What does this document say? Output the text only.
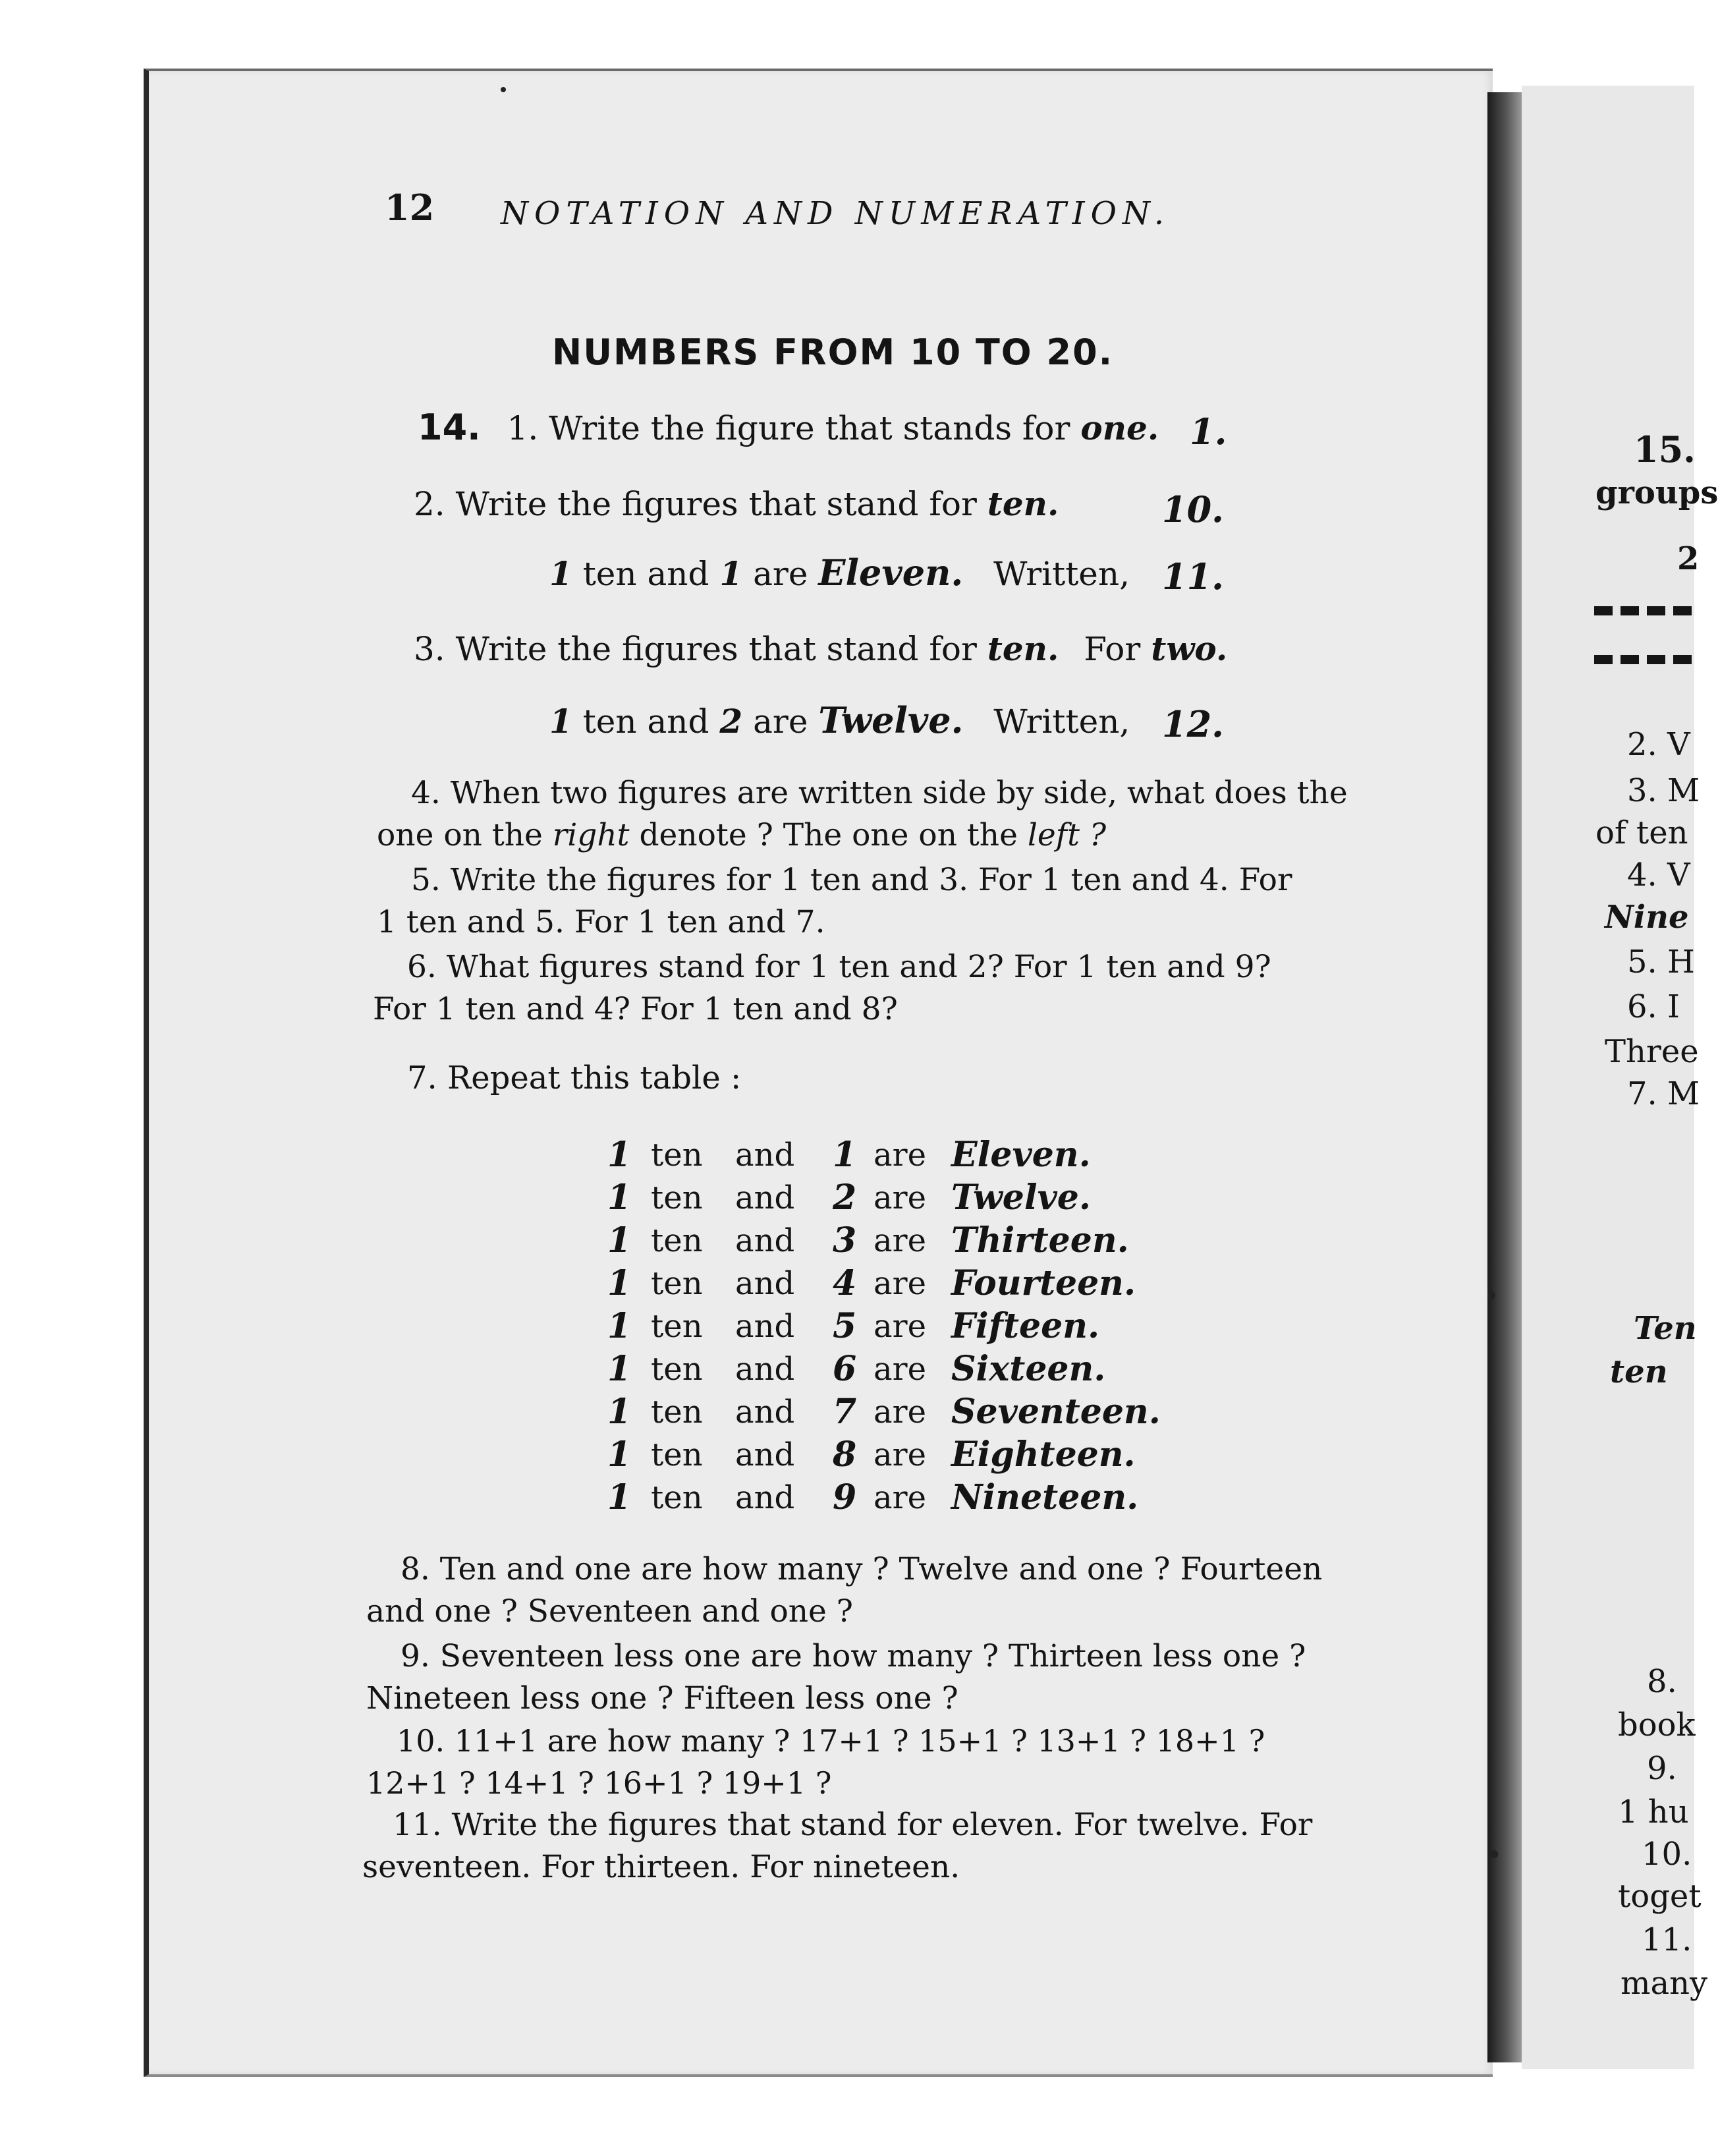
15.
groups
2
2. V
3. M
of ten
4. V
Nine
5. H
6. I
Three
7. M
Ten
ten
8.
book
9.
1 hu
10.
toget
11.
many
12 NOTATION AND NUMERATION.
NUMBERS FROM 10 TO 20.
14. 1. Write the figure that stands for one. 1.
2. Write the figures that stand for ten.	10.
1 ten and 1 are Eleven. Written, 11.
3. Write the figures that stand for ten. For two.
1 ten and 2 are Twelve. Written, 12.
4. When two figures are written side by side, what does the
one on the right denote ? The one on the left ?
5. Write the figures for 1 ten and 3. For 1 ten and 4. For
1 ten and 5. For 1 ten and 7.
6. What figures stand for 1 ten and 2? For 1 ten and 9?
For 1 ten and 4? For 1 ten and 8?
7. Repeat this table :
1 ten	and	1 are Eleven.
1 ten	and	2 are Twelve.
1 ten	and	3 are Thirteen.
1 ten	and	4 are Fourteen.
1 ten	and	5 are Fifteen.
1 ten	and	6 are Sixteen.
1 ten	and	7 are Seventeen.
1 ten	and	8 are Eighteen.
1 ten	and	9 are Nineteen.
8. Ten and one are how many ? Twelve and one ? Fourteen
and one ? Seventeen and one ?
9. Seventeen less one are how many ? Thirteen less one ?
Nineteen less one ? Fifteen less one ?
10. 11+1 are how many ? 17+1 ? 15+1 ? 13+1 ? 18+1 ?
12+1 ? 14+1 ? 16+1 ? 19+1 ?
11. Write the figures that stand for eleven. For twelve. For
seventeen. For thirteen. For nineteen.
